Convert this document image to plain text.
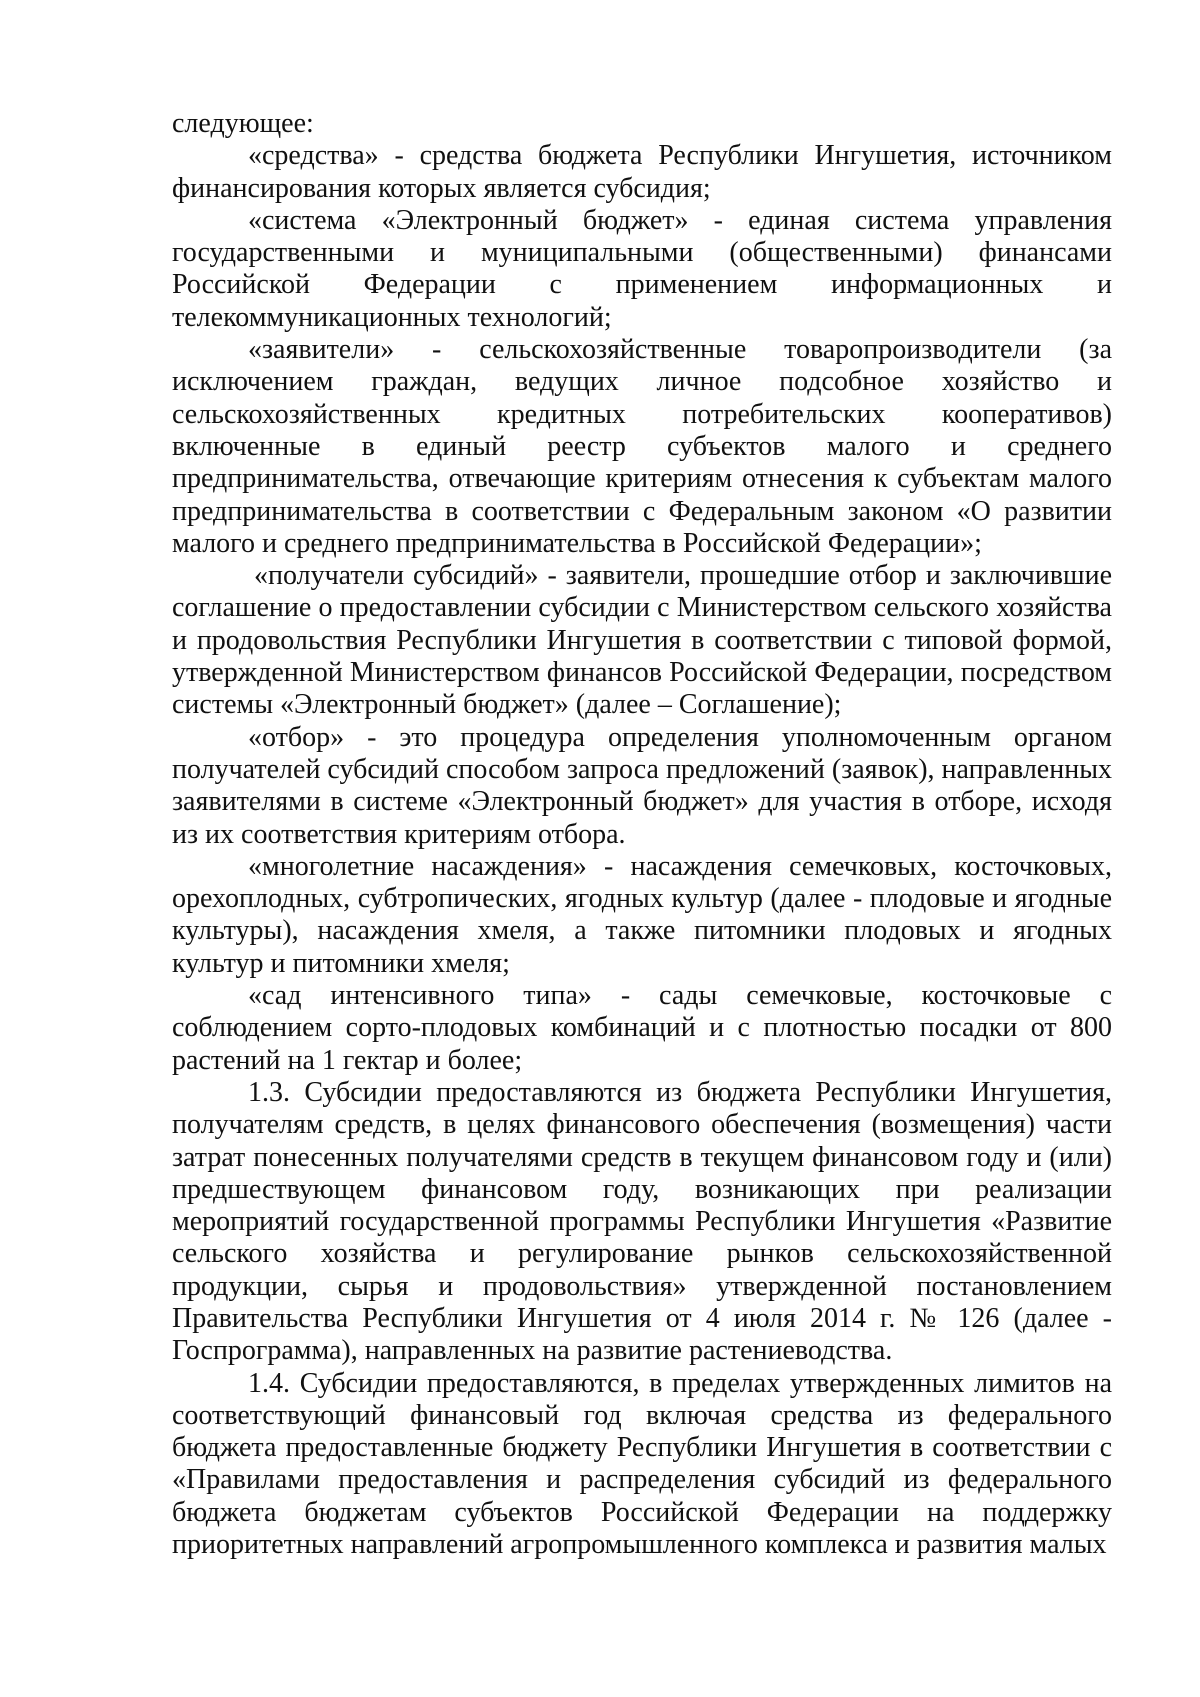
следующее:

«средства» - средства бюджета Республики Ингушетия, источником финансирования которых является субсидия;

«система «Электронный бюджет» - единая система управления государственными и муниципальными (общественными) финансами Российской Федерации с применением информационных и телекоммуникационных технологий;

«заявители» - сельскохозяйственные товаропроизводители (за исключением граждан, ведущих личное подсобное хозяйство и сельскохозяйственных кредитных потребительских кооперативов) включенные в единый реестр субъектов малого и среднего предпринимательства, отвечающие критериям отнесения к субъектам малого предпринимательства в соответствии с Федеральным законом «О развитии малого и среднего предпринимательства в Российской Федерации»;

«получатели субсидий» - заявители, прошедшие отбор и заключившие соглашение о предоставлении субсидии с Министерством сельского хозяйства и продовольствия Республики Ингушетия в соответствии с типовой формой, утвержденной Министерством финансов Российской Федерации, посредством системы «Электронный бюджет» (далее – Соглашение);

«отбор» - это процедура определения уполномоченным органом получателей субсидий способом запроса предложений (заявок), направленных заявителями в системе «Электронный бюджет» для участия в отборе, исходя из их соответствия критериям отбора.

«многолетние насаждения» - насаждения семечковых, косточковых, орехоплодных, субтропических, ягодных культур (далее - плодовые и ягодные культуры), насаждения хмеля, а также питомники плодовых и ягодных культур и питомники хмеля;

«сад интенсивного типа» - сады семечковые, косточковые с соблюдением сорто-плодовых комбинаций и с плотностью посадки от 800 растений на 1 гектар и более;

1.3. Субсидии предоставляются из бюджета Республики Ингушетия, получателям средств, в целях финансового обеспечения (возмещения) части затрат понесенных получателями средств в текущем финансовом году и (или) предшествующем финансовом году, возникающих при реализации мероприятий государственной программы Республики Ингушетия «Развитие сельского хозяйства и регулирование рынков сельскохозяйственной продукции, сырья и продовольствия» утвержденной постановлением Правительства Республики Ингушетия от 4 июля 2014 г. № 126 (далее - Госпрограмма), направленных на развитие растениеводства.

1.4. Субсидии предоставляются, в пределах утвержденных лимитов на соответствующий финансовый год включая средства из федерального бюджета предоставленные бюджету Республики Ингушетия в соответствии с «Правилами предоставления и распределения субсидий из федерального бюджета бюджетам субъектов Российской Федерации на поддержку приоритетных направлений агропромышленного комплекса и развития малых
